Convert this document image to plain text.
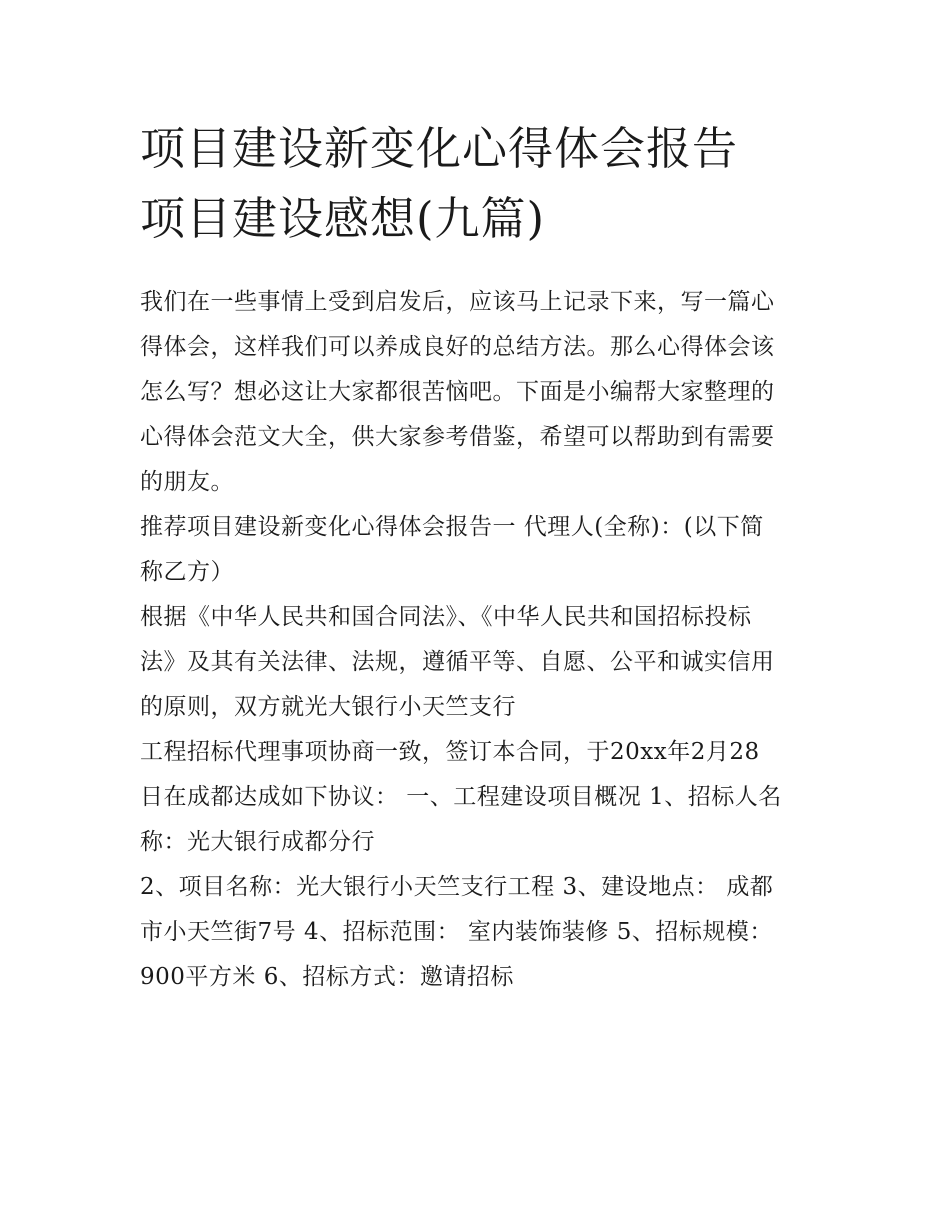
项目建设新变化心得体会报告
项目建设感想(九篇)

我们在一些事情上受到启发后，应该马上记录下来，写一篇心
得体会，这样我们可以养成良好的总结方法。那么心得体会该
怎么写？想必这让大家都很苦恼吧。下面是小编帮大家整理的
心得体会范文大全，供大家参考借鉴，希望可以帮助到有需要
的朋友。

推荐项目建设新变化心得体会报告一 代理人(全称)：(以下简
称乙方）

根据《中华人民共和国合同法》、《中华人民共和国招标投标
法》及其有关法律、法规，遵循平等、自愿、公平和诚实信用
的原则，双方就光大银行小天竺支行

工程招标代理事项协商一致，签订本合同，于20xx年2月28
日在成都达成如下协议： 一、工程建设项目概况 1、招标人名
称：光大银行成都分行

2、项目名称：光大银行小天竺支行工程 3、建设地点： 成都
市小天竺街7号 4、招标范围： 室内装饰装修 5、招标规模：
900平方米 6、招标方式：邀请招标
